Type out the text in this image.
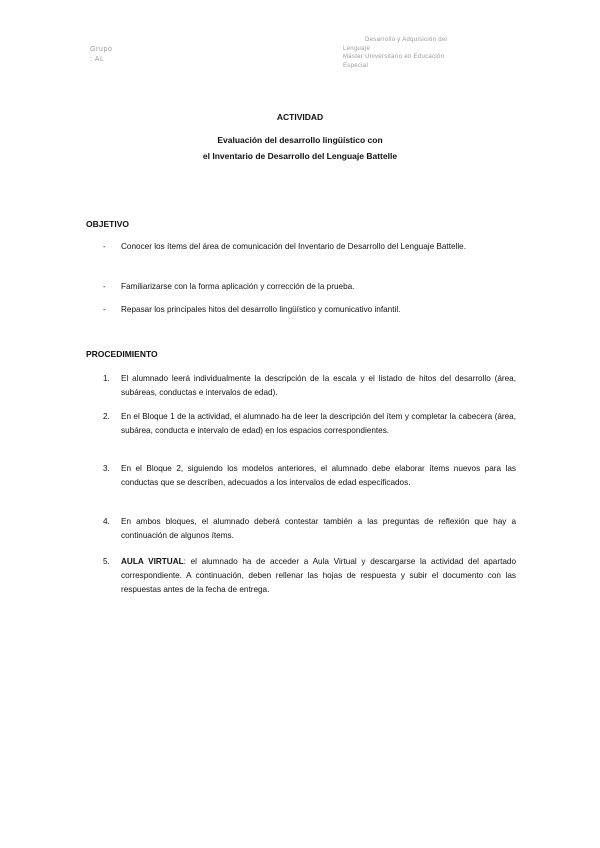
Grupo
: AL
Desarrollo y Adquisición del
Lenguaje
Máster Universitario en Educación
Especial
ACTIVIDAD
Evaluación del desarrollo lingüístico con
el Inventario de Desarrollo del Lenguaje Battelle
OBJETIVO
- Conocer los ítems del área de comunicación del Inventario de Desarrollo del Lenguaje Battelle.
- Familiarizarse con la forma aplicación y corrección de la prueba.
- Repasar los principales hitos del desarrollo lingüístico y comunicativo infantil.
PROCEDIMIENTO
1. El alumnado leerá individualmente la descripción de la escala y el listado de hitos del desarrollo (área, subáreas, conductas e intervalos de edad).
2. En el Bloque 1 de la actividad, el alumnado ha de leer la descripción del ítem y completar la cabecera (área, subárea, conducta e intervalo de edad) en los espacios correspondientes.
3. En el Bloque 2, siguiendo los modelos anteriores, el alumnado debe elaborar ítems nuevos para las conductas que se describen, adecuados a los intervalos de edad especificados.
4. En ambos bloques, el alumnado deberá contestar también a las preguntas de reflexión que hay a continuación de algunos ítems.
5. AULA VIRTUAL: el alumnado ha de acceder a Aula Virtual y descargarse la actividad del apartado correspondiente. A continuación, deben rellenar las hojas de respuesta y subir el documento con las respuestas antes de la fecha de entrega.
